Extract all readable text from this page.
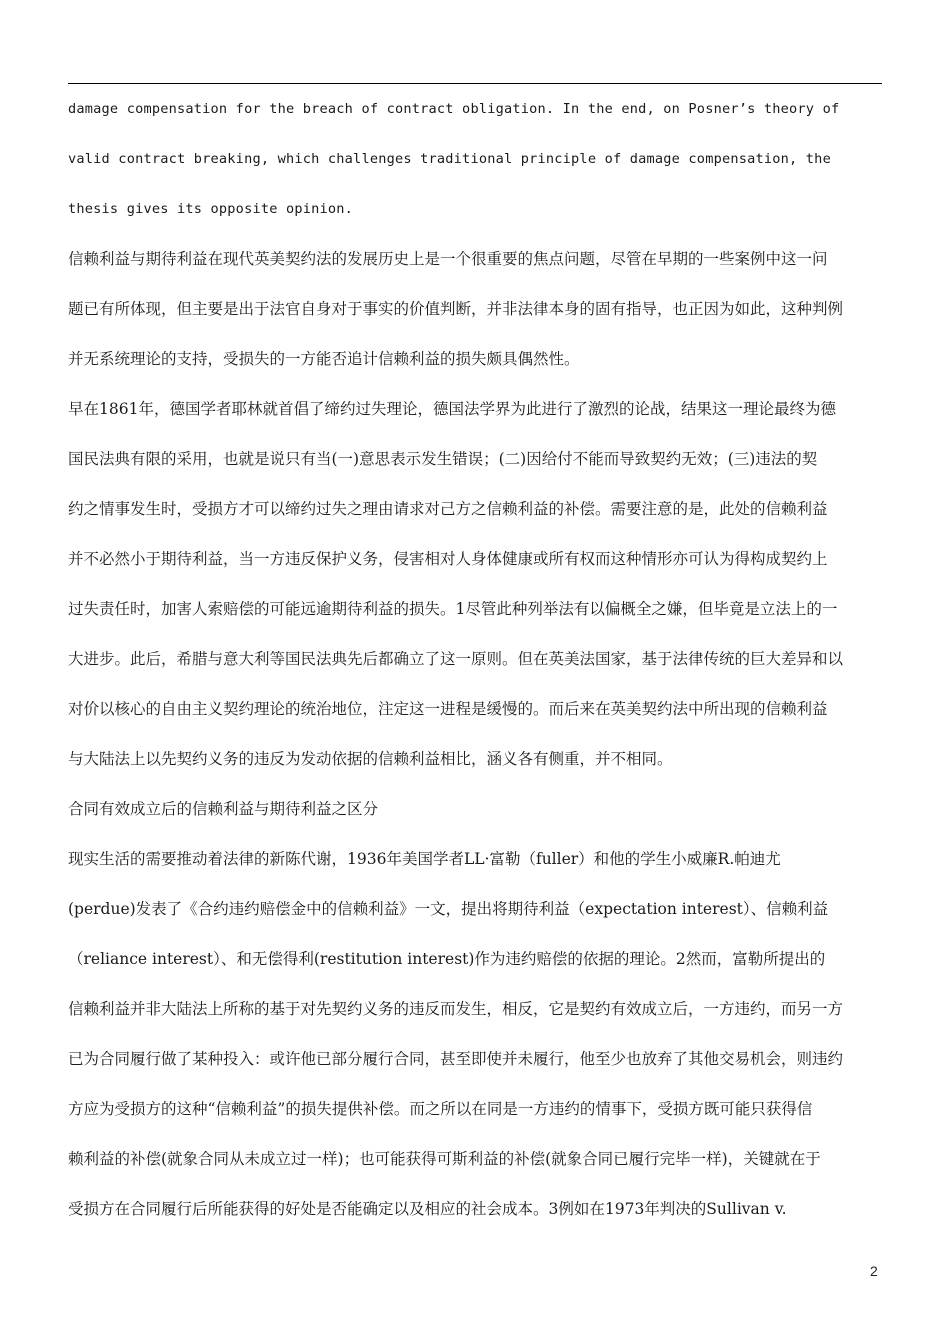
damage compensation for the breach of contract obligation. In the end, on Posner’s theory of
valid contract breaking, which challenges traditional principle of damage compensation, the
thesis gives its opposite opinion.
信赖利益与期待利益在现代英美契约法的发展历史上是一个很重要的焦点问题，尽管在早期的一些案例中这一问
题已有所体现，但主要是出于法官自身对于事实的价值判断，并非法律本身的固有指导，也正因为如此，这种判例
并无系统理论的支持，受损失的一方能否追计信赖利益的损失颇具偶然性。
早在1861年，德国学者耶林就首倡了缔约过失理论，德国法学界为此进行了激烈的论战，结果这一理论最终为德
国民法典有限的采用，也就是说只有当(一)意思表示发生错误；(二)因给付不能而导致契约无效；(三)违法的契
约之情事发生时，受损方才可以缔约过失之理由请求对己方之信赖利益的补偿。需要注意的是，此处的信赖利益
并不必然小于期待利益，当一方违反保护义务，侵害相对人身体健康或所有权而这种情形亦可认为得构成契约上
过失责任时，加害人索赔偿的可能远逾期待利益的损失。1尽管此种列举法有以偏概全之嫌，但毕竟是立法上的一
大进步。此后，希腊与意大利等国民法典先后都确立了这一原则。但在英美法国家，基于法律传统的巨大差异和以
对价以核心的自由主义契约理论的统治地位，注定这一进程是缓慢的。而后来在英美契约法中所出现的信赖利益
与大陆法上以先契约义务的违反为发动依据的信赖利益相比，涵义各有侧重，并不相同。
合同有效成立后的信赖利益与期待利益之区分
现实生活的需要推动着法律的新陈代谢，1936年美国学者LL·富勒（fuller）和他的学生小威廉R.帕迪尤
(perdue)发表了《合约违约赔偿金中的信赖利益》一文，提出将期待利益（expectation interest）、信赖利益
（reliance interest）、和无偿得利(restitution interest)作为违约赔偿的依据的理论。2然而，富勒所提出的
信赖利益并非大陆法上所称的基于对先契约义务的违反而发生，相反，它是契约有效成立后，一方违约，而另一方
已为合同履行做了某种投入：或许他已部分履行合同，甚至即使并未履行，他至少也放弃了其他交易机会，则违约
方应为受损方的这种“信赖利益”的损失提供补偿。而之所以在同是一方违约的情事下，受损方既可能只获得信
赖利益的补偿(就象合同从未成立过一样)；也可能获得可斯利益的补偿(就象合同已履行完毕一样)，关键就在于
受损方在合同履行后所能获得的好处是否能确定以及相应的社会成本。3例如在1973年判决的Sullivan v.
2
